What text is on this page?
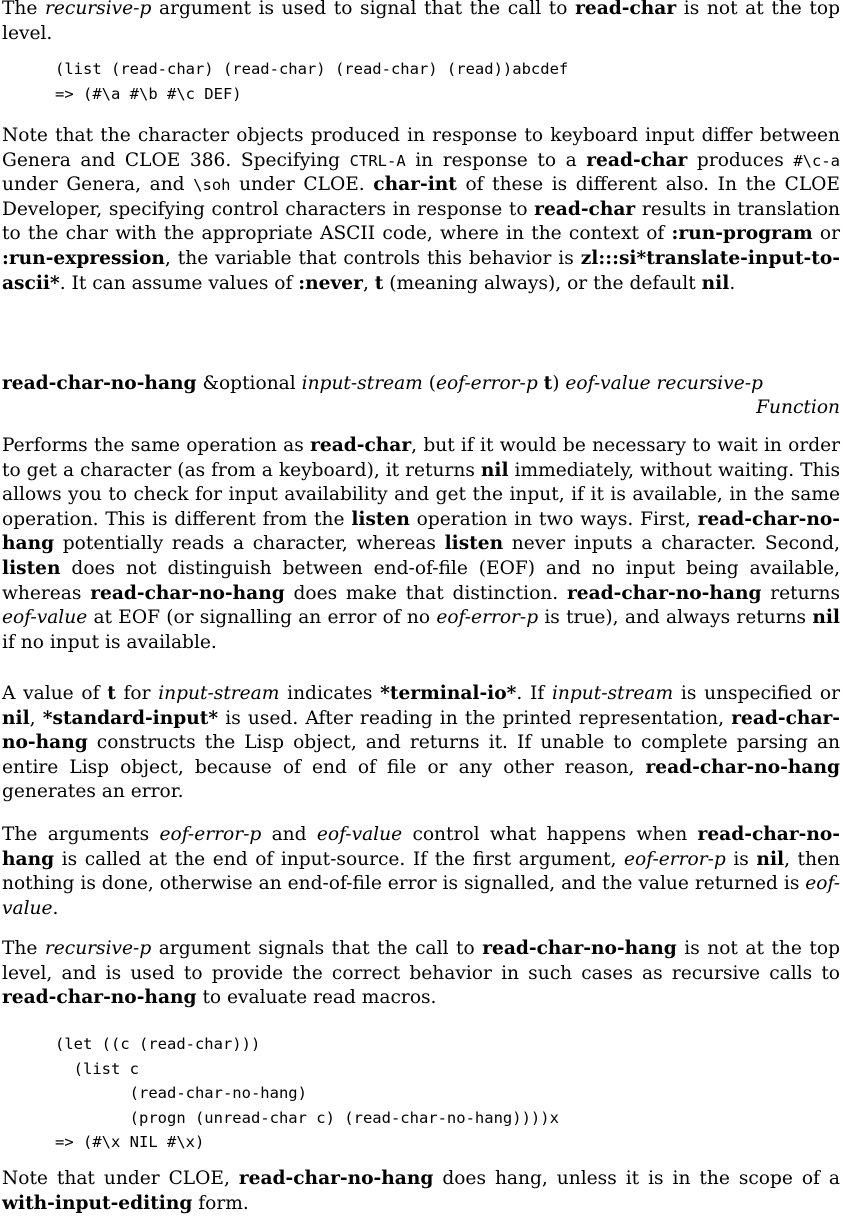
The recursive-p argument is used to signal that the call to read-char is not at the top level.

(list (read-char) (read-char) (read-char) (read))abcdef
=> (#\a #\b #\c DEF)

Note that the character objects produced in response to keyboard input differ between Genera and CLOE 386. Specifying CTRL-A in response to a read-char produces #\c-a under Genera, and \soh under CLOE. char-int of these is different also. In the CLOE Developer, specifying control characters in response to read-char results in translation to the char with the appropriate ASCII code, where in the context of :run-program or :run-expression, the variable that controls this behavior is zl:::si*translate-input-to-ascii*. It can assume values of :never, t (meaning always), or the default nil.

read-char-no-hang &optional input-stream (eof-error-p t) eof-value recursive-p

Function

Performs the same operation as read-char, but if it would be necessary to wait in order to get a character (as from a keyboard), it returns nil immediately, without waiting. This allows you to check for input availability and get the input, if it is available, in the same operation. This is different from the listen operation in two ways. First, read-char-no-hang potentially reads a character, whereas listen never inputs a character. Second, listen does not distinguish between end-of-file (EOF) and no input being available, whereas read-char-no-hang does make that distinction. read-char-no-hang returns eof-value at EOF (or signalling an error of no eof-error-p is true), and always returns nil if no input is available.

A value of t for input-stream indicates *terminal-io*. If input-stream is unspecified or nil, *standard-input* is used. After reading in the printed representation, read-char-no-hang constructs the Lisp object, and returns it. If unable to complete parsing an entire Lisp object, because of end of file or any other reason, read-char-no-hang generates an error.

The arguments eof-error-p and eof-value control what happens when read-char-no-hang is called at the end of input-source. If the first argument, eof-error-p is nil, then nothing is done, otherwise an end-of-file error is signalled, and the value returned is eof-value.

The recursive-p argument signals that the call to read-char-no-hang is not at the top level, and is used to provide the correct behavior in such cases as recursive calls to read-char-no-hang to evaluate read macros.

(let ((c (read-char)))
(list c
(read-char-no-hang)
(progn (unread-char c) (read-char-no-hang))))x
=> (#\x NIL #\x)

Note that under CLOE, read-char-no-hang does hang, unless it is in the scope of a with-input-editing form.
